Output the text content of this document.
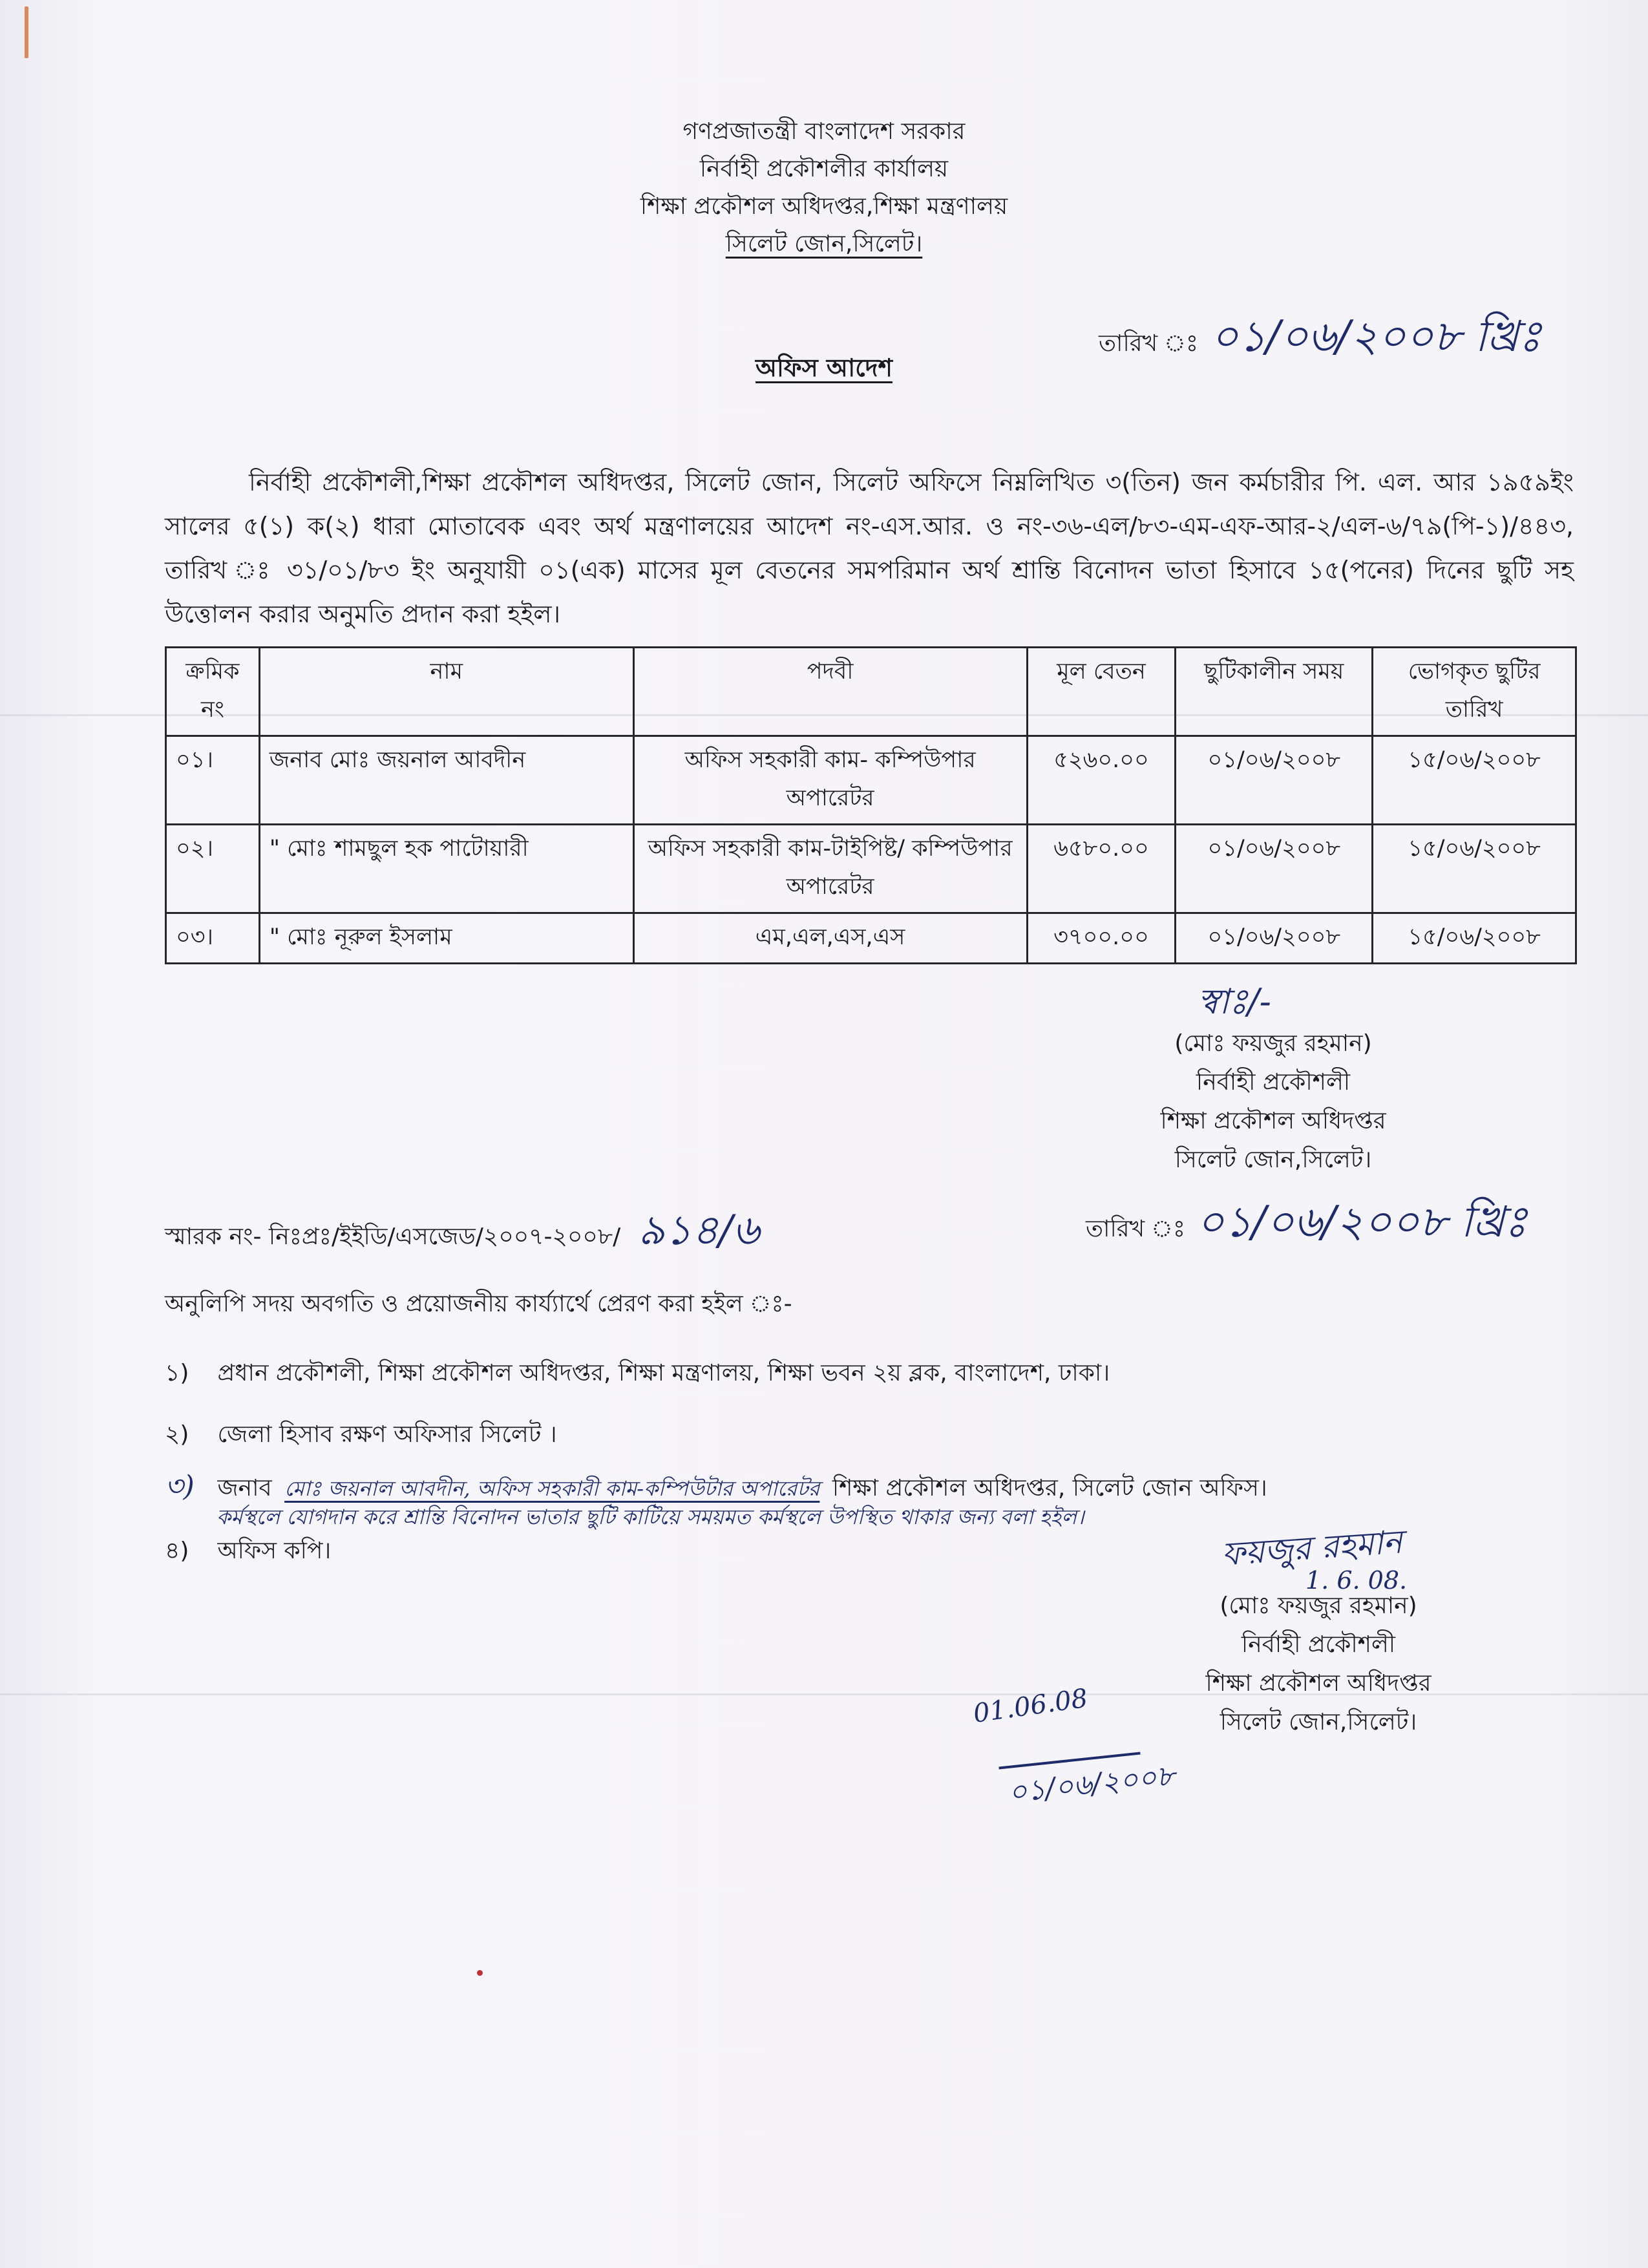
গণপ্রজাতন্ত্রী বাংলাদেশ সরকার
নির্বাহী প্রকৌশলীর কার্যালয়
শিক্ষা প্রকৌশল অধিদপ্তর,শিক্ষা মন্ত্রণালয়
সিলেট জোন,সিলেট।
তারিখ ঃ ০১/০৬/২০০৮ খ্রিঃ
অফিস আদেশ
নির্বাহী প্রকৌশলী,শিক্ষা প্রকৌশল অধিদপ্তর, সিলেট জোন, সিলেট অফিসে নিম্নলিখিত ৩(তিন) জন কর্মচারীর পি. এল. আর ১৯৫৯ইং সালের ৫(১) ক(২) ধারা মোতাবেক এবং অর্থ মন্ত্রণালয়ের আদেশ নং-এস.আর. ও নং-৩৬-এল/৮৩-এম-এফ-আর-২/এল-৬/৭৯(পি-১)/৪৪৩, তারিখ ঃ ৩১/০১/৮৩ ইং অনুযায়ী ০১(এক) মাসের মূল বেতনের সমপরিমান অর্থ শ্রান্তি বিনোদন ভাতা হিসাবে ১৫(পনের) দিনের ছুটি সহ উত্তোলন করার অনুমতি প্রদান করা হইল।
ক্রমিক নং	নাম	পদবী	মূল বেতন	ছুটিকালীন সময়	ভোগকৃত ছুটির তারিখ
০১।	জনাব মোঃ জয়নাল আবদীন	অফিস সহকারী কাম- কম্পিউপার অপারেটর	৫২৬০.০০	০১/০৬/২০০৮	১৫/০৬/২০০৮
০২।	" মোঃ শামছুল হক পাটোয়ারী	অফিস সহকারী কাম-টাইপিষ্ট/ কম্পিউপার অপারেটর	৬৫৮০.০০	০১/০৬/২০০৮	১৫/০৬/২০০৮
০৩।	" মোঃ নূরুল ইসলাম	এম,এল,এস,এস	৩৭০০.০০	০১/০৬/২০০৮	১৫/০৬/২০০৮
স্বাঃ/-
(মোঃ ফয়জুর রহমান)
নির্বাহী প্রকৌশলী
শিক্ষা প্রকৌশল অধিদপ্তর
সিলেট জোন,সিলেট।
স্মারক নং- নিঃপ্রঃ/ইইডি/এসজেড/২০০৭-২০০৮/ ৯১৪/৬	তারিখ ঃ ০১/০৬/২০০৮ খ্রিঃ
অনুলিপি সদয় অবগতি ও প্রয়োজনীয় কার্য্যার্থে প্রেরণ করা হইল ঃ-
১) প্রধান প্রকৌশলী, শিক্ষা প্রকৌশল অধিদপ্তর, শিক্ষা মন্ত্রণালয়, শিক্ষা ভবন ২য় ব্লক, বাংলাদেশ, ঢাকা।
২) জেলা হিসাব রক্ষণ অফিসার সিলেট ।
৩) জনাব মোঃ জয়নাল আবদীন, অফিস সহকারী কাম-কম্পিউটার অপারেটর শিক্ষা প্রকৌশল অধিদপ্তর, সিলেট জোন অফিস।
কর্মস্থলে যোগদান করে শ্রান্তি বিনোদন ভাতার ছুটি কাটিয়ে সময়মত কর্মস্থলে উপস্থিত থাকার জন্য বলা হইল।
৪) অফিস কপি।	ফয়জুর রহমান
1. 6. 08.
(মোঃ ফয়জুর রহমান)
নির্বাহী প্রকৌশলী
শিক্ষা প্রকৌশল অধিদপ্তর
সিলেট জোন,সিলেট।
01.06.08
০১/০৬/২০০৮
